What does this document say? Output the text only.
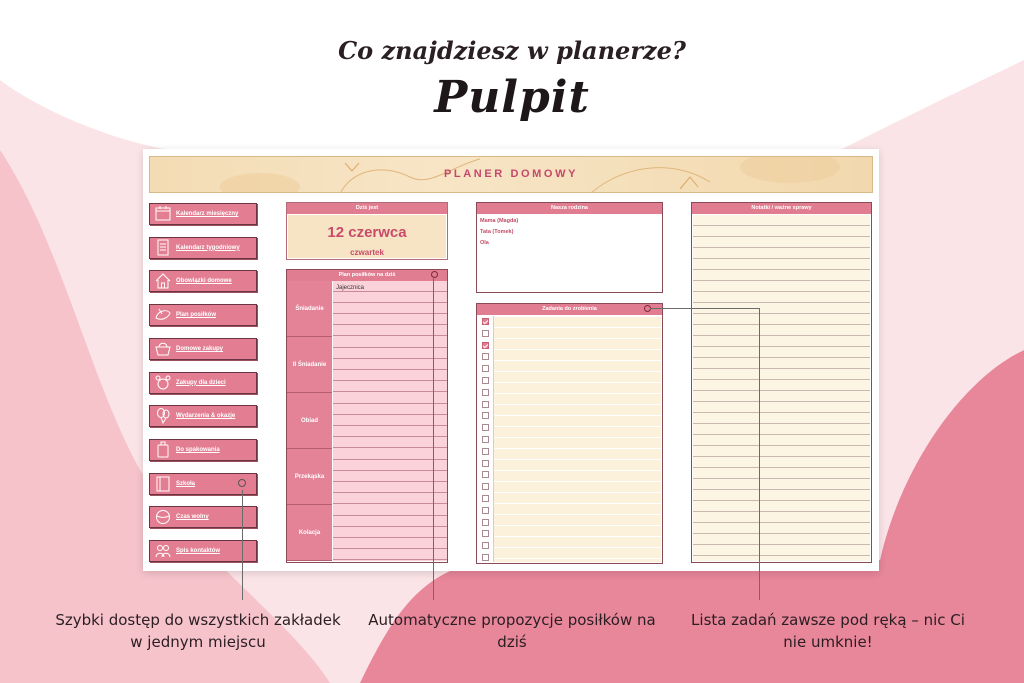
Co znajdziesz w planerze?
Pulpit
PLANER DOMOWY
Kalendarz miesięczny
Kalendarz tygodniowy
Obowiązki domowe
Plan posiłków
Domowe zakupy
Zakupy dla dzieci
Wydarzenia & okazje
Do spakowania
Szkoła
Czas wolny
Spis kontaktów
Dziś jest
12 czerwca
czwartek
Plan posiłków na dziś
Śniadanie
II Śniadanie
Obiad
Przekąska
Kolacja
Jajecznica
Nasza rodzina
Mama (Magda)
Tata (Tomek)
Ola
Zadania do zrobienia
Notatki / ważne sprawy
Szybki dostęp do wszystkich zakładek w jednym miejscu
Automatyczne propozycje posiłków na dziś
Lista zadań zawsze pod ręką – nic Ci nie umknie!
